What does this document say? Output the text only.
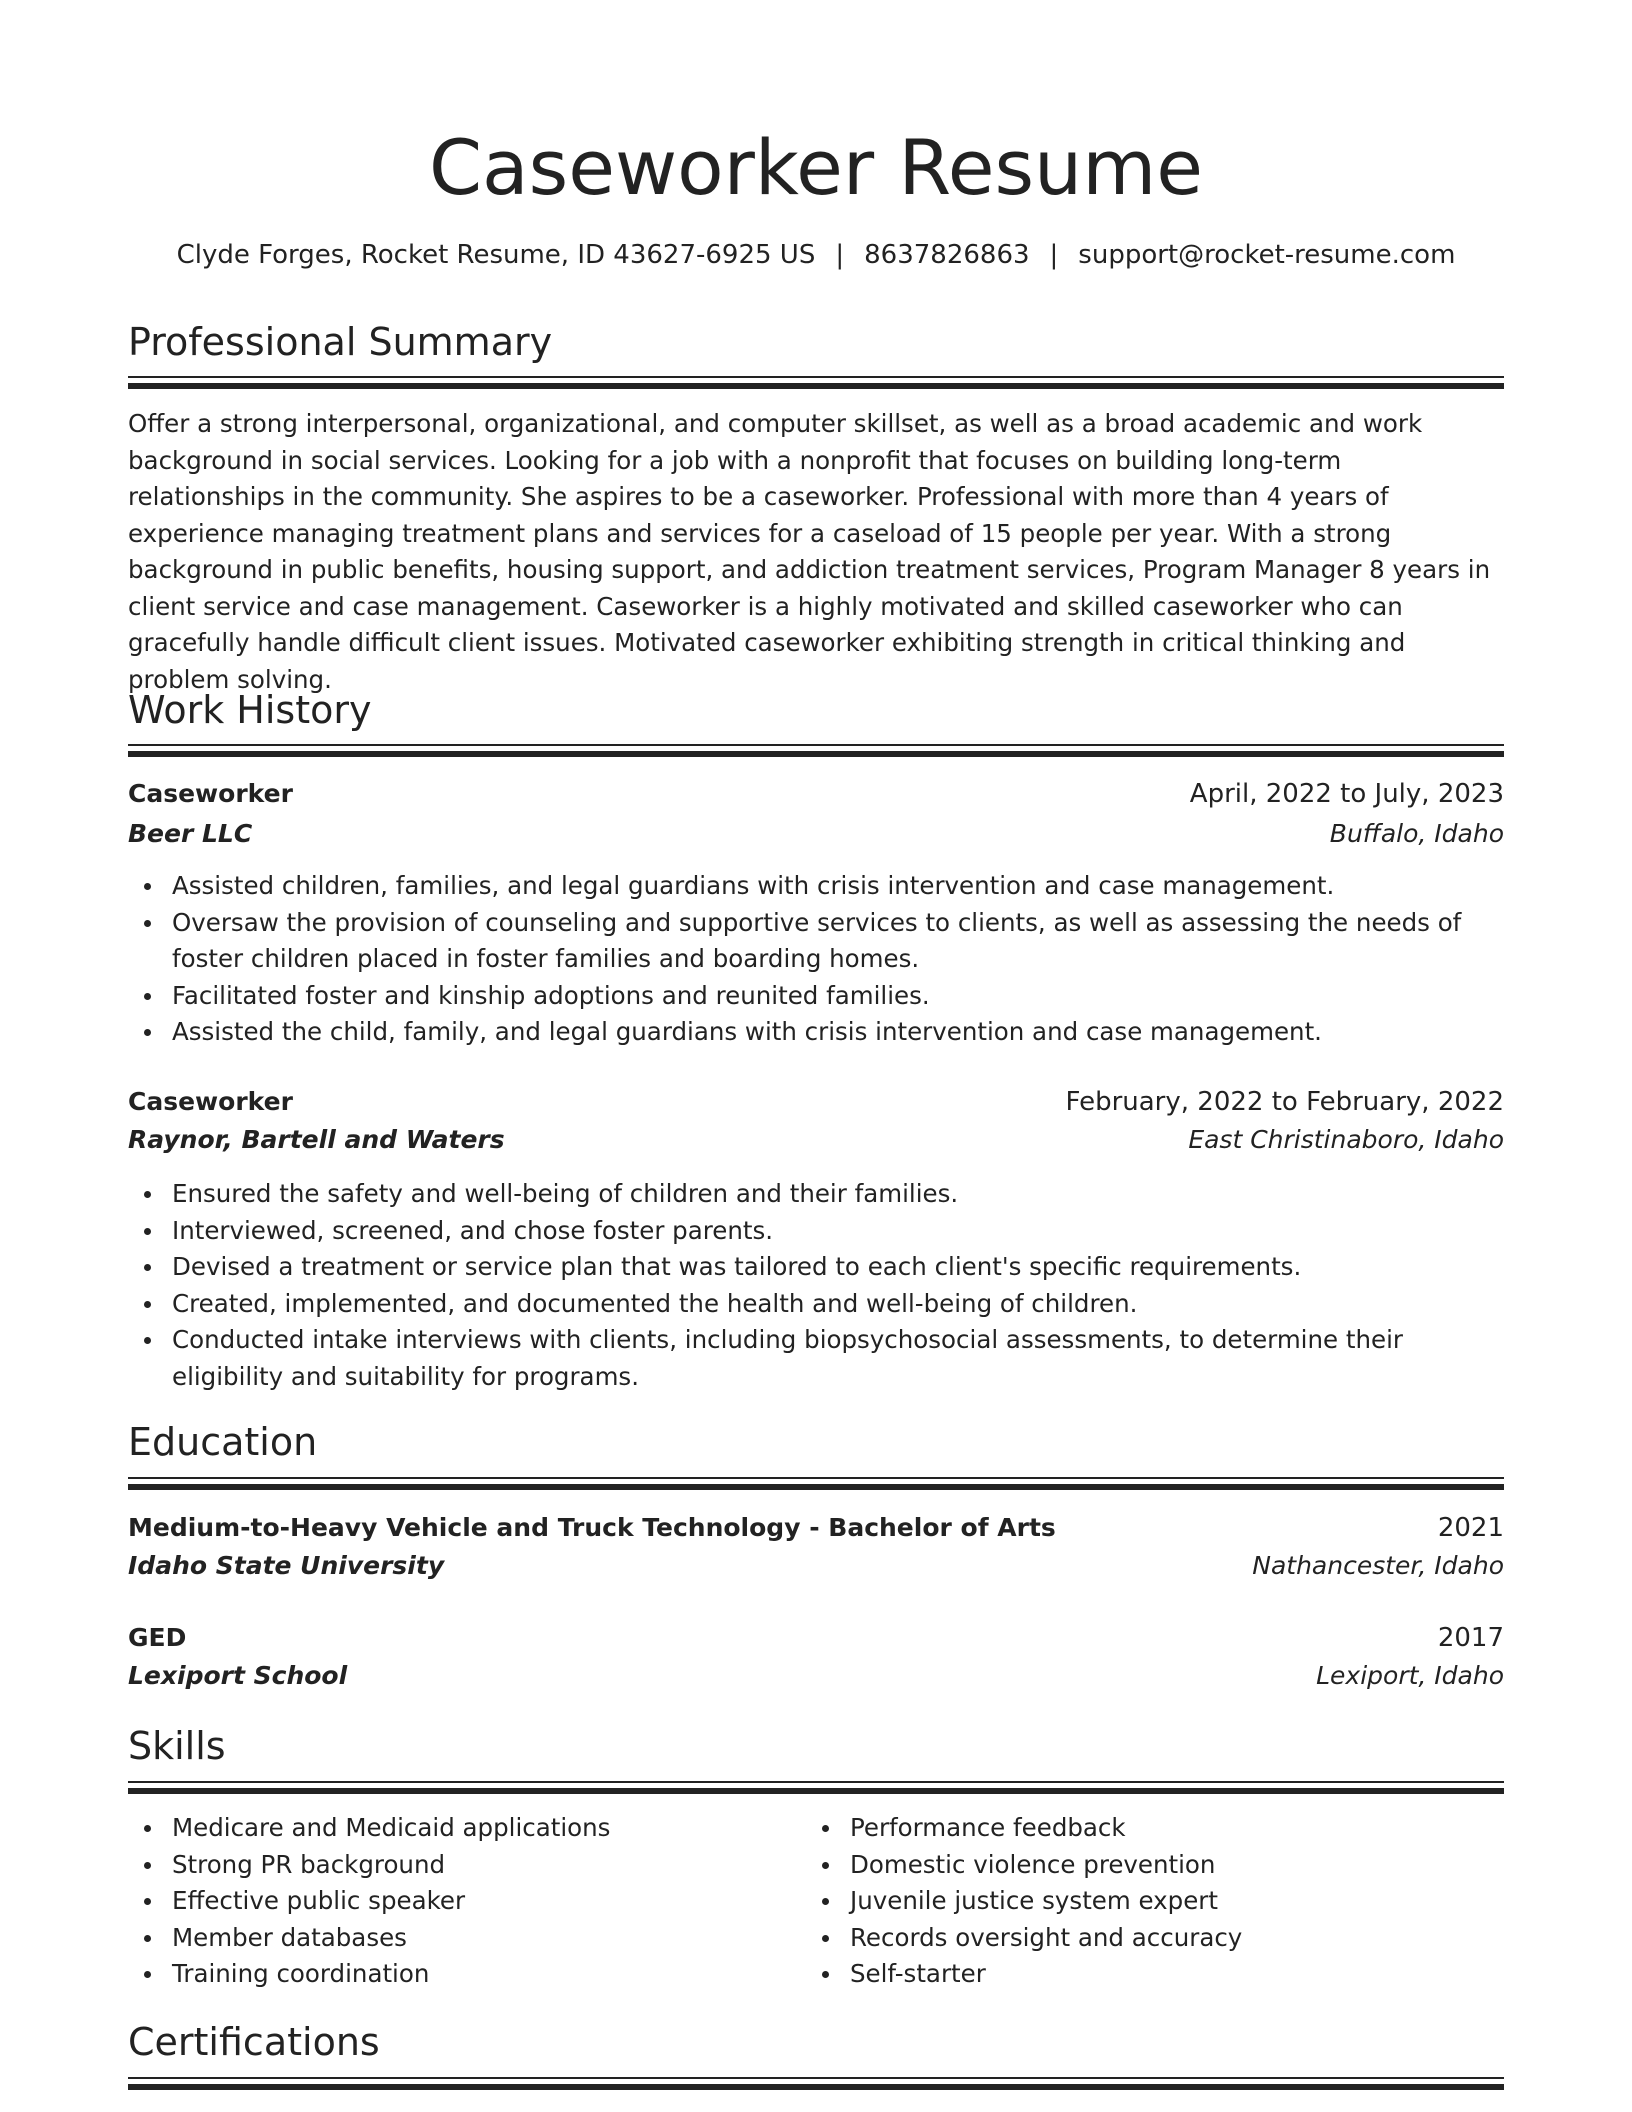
Caseworker Resume
Clyde Forges, Rocket Resume, ID 43627-6925 US | 8637826863 | support@rocket-resume.com
Professional Summary

Offer a strong interpersonal, organizational, and computer skillset, as well as a broad academic and work background in social services. Looking for a job with a nonprofit that focuses on building long-term relationships in the community. She aspires to be a caseworker. Professional with more than 4 years of experience managing treatment plans and services for a caseload of 15 people per year. With a strong background in public benefits, housing support, and addiction treatment services, Program Manager 8 years in client service and case management. Caseworker is a highly motivated and skilled caseworker who can gracefully handle difficult client issues. Motivated caseworker exhibiting strength in critical thinking and problem solving.

Work History
Caseworker	April, 2022 to July, 2023
Beer LLC	Buffalo, Idaho
Assisted children, families, and legal guardians with crisis intervention and case management.
Oversaw the provision of counseling and supportive services to clients, as well as assessing the needs of foster children placed in foster families and boarding homes.
Facilitated foster and kinship adoptions and reunited families.
Assisted the child, family, and legal guardians with crisis intervention and case management.
Caseworker	February, 2022 to February, 2022
Raynor, Bartell and Waters	East Christinaboro, Idaho
Ensured the safety and well-being of children and their families.
Interviewed, screened, and chose foster parents.
Devised a treatment or service plan that was tailored to each client's specific requirements.
Created, implemented, and documented the health and well-being of children.
Conducted intake interviews with clients, including biopsychosocial assessments, to determine their eligibility and suitability for programs.
Education
Medium-to-Heavy Vehicle and Truck Technology - Bachelor of Arts	2021
Idaho State University	Nathancester, Idaho
GED	2017
Lexiport School	Lexiport, Idaho
Skills
Medicare and Medicaid applications
Strong PR background
Effective public speaker
Member databases
Training coordination
Performance feedback
Domestic violence prevention
Juvenile justice system expert
Records oversight and accuracy
Self-starter
Certifications
